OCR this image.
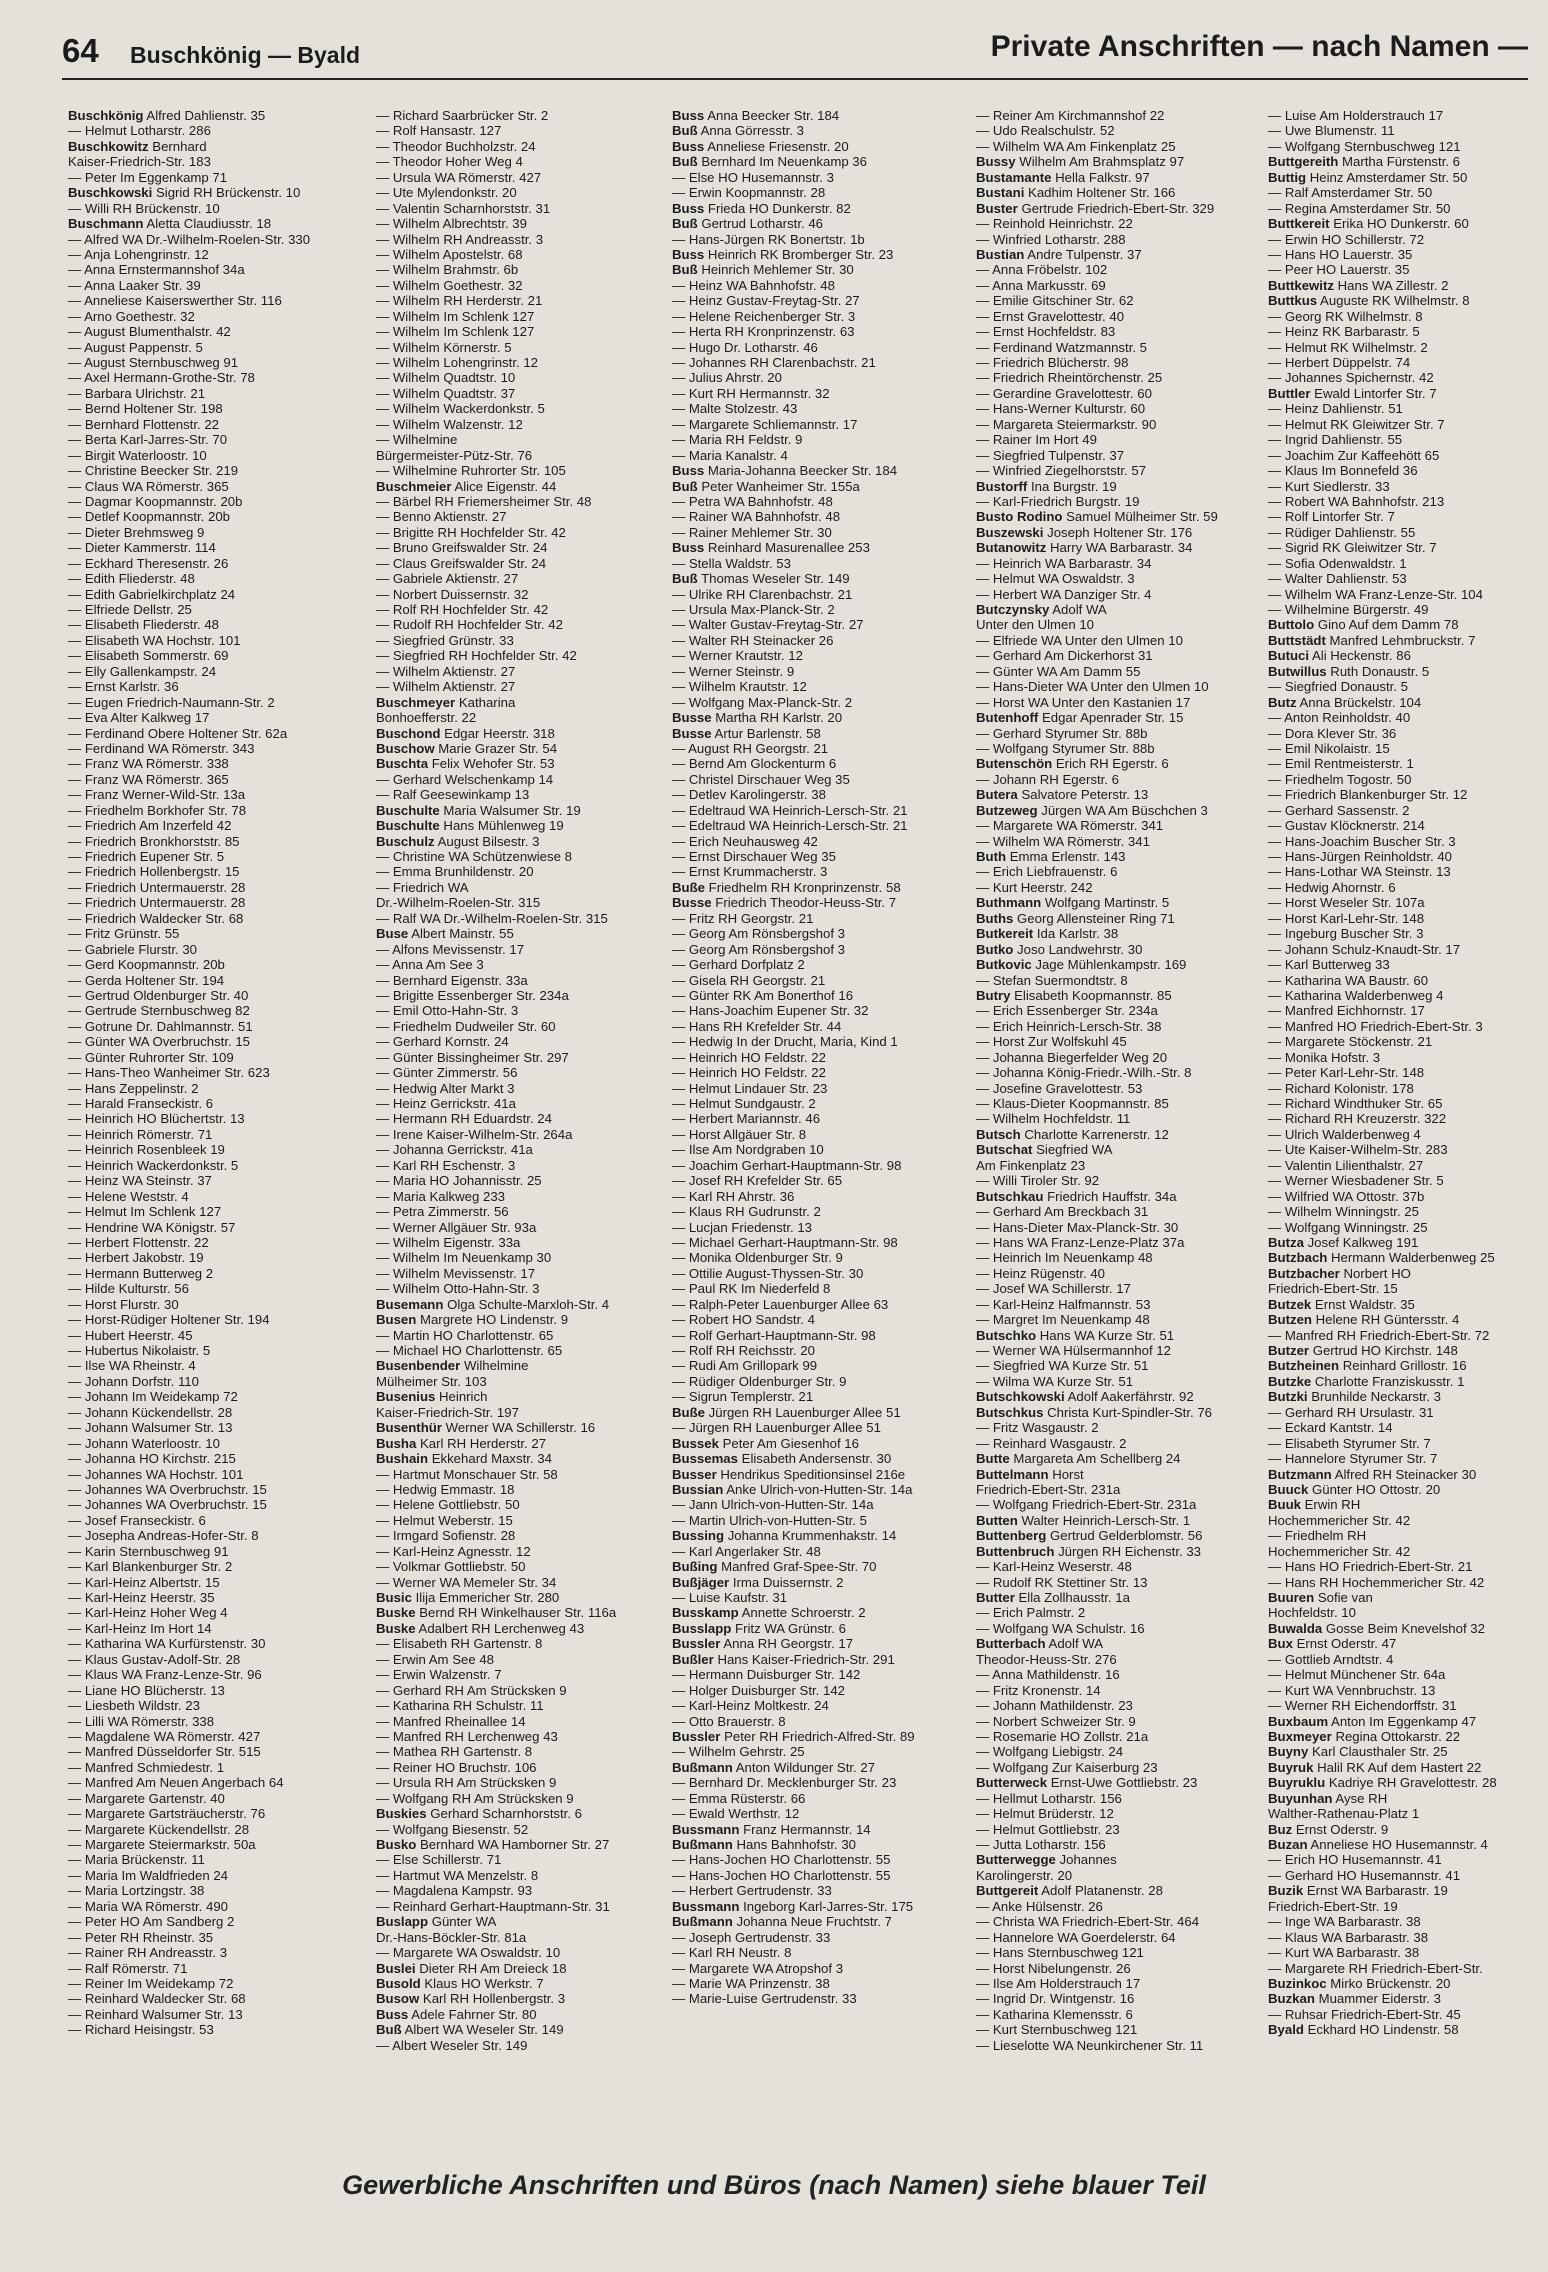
64 Buschkönig — Byald	Private Anschriften — nach Namen —
Buschkönig Alfred Dahlienstr. 35
— Helmut Lotharstr. 286
Buschkowitz Bernhard
Kaiser-Friedrich-Str. 183
— Peter Im Eggenkamp 71
Buschkowski Sigrid RH Brückenstr. 10
— Willi RH Brückenstr. 10
Buschmann Aletta Claudiusstr. 18
— Alfred WA Dr.-Wilhelm-Roelen-Str. 330
— Anja Lohengrinstr. 12
— Anna Ernstermannshof 34a
— Anna Laaker Str. 39
— Anneliese Kaiserswerther Str. 116
— Arno Goethestr. 32
— August Blumenthalstr. 42
— August Pappenstr. 5
— August Sternbuschweg 91
— Axel Hermann-Grothe-Str. 78
— Barbara Ulrichstr. 21
— Bernd Holtener Str. 198
— Bernhard Flottenstr. 22
— Berta Karl-Jarres-Str. 70
— Birgit Waterloostr. 10
— Christine Beecker Str. 219
— Claus WA Römerstr. 365
— Dagmar Koopmannstr. 20b
— Detlef Koopmannstr. 20b
— Dieter Brehmsweg 9
— Dieter Kammerstr. 114
— Eckhard Theresenstr. 26
— Edith Fliederstr. 48
— Edith Gabrielkirchplatz 24
— Elfriede Dellstr. 25
— Elisabeth Fliederstr. 48
— Elisabeth WA Hochstr. 101
— Elisabeth Sommerstr. 69
— Elly Gallenkampstr. 24
— Ernst Karlstr. 36
— Eugen Friedrich-Naumann-Str. 2
— Eva Alter Kalkweg 17
— Ferdinand Obere Holtener Str. 62a
— Ferdinand WA Römerstr. 343
— Franz WA Römerstr. 338
— Franz WA Römerstr. 365
— Franz Werner-Wild-Str. 13a
— Friedhelm Borkhofer Str. 78
— Friedrich Am Inzerfeld 42
— Friedrich Bronkhorststr. 85
— Friedrich Eupener Str. 5
— Friedrich Hollenbergstr. 15
— Friedrich Untermauerstr. 28
— Friedrich Untermauerstr. 28
— Friedrich Waldecker Str. 68
— Fritz Grünstr. 55
— Gabriele Flurstr. 30
— Gerd Koopmannstr. 20b
— Gerda Holtener Str. 194
— Gertrud Oldenburger Str. 40
— Gertrude Sternbuschweg 82
— Gotrune Dr. Dahlmannstr. 51
— Günter WA Overbruchstr. 15
— Günter Ruhrorter Str. 109
— Hans-Theo Wanheimer Str. 623
— Hans Zeppelinstr. 2
— Harald Franseckistr. 6
— Heinrich HO Blüchertstr. 13
— Heinrich Römerstr. 71
— Heinrich Rosenbleek 19
— Heinrich Wackerdonkstr. 5
— Heinz WA Steinstr. 37
— Helene Weststr. 4
— Helmut Im Schlenk 127
— Hendrine WA Königstr. 57
— Herbert Flottenstr. 22
— Herbert Jakobstr. 19
— Hermann Butterweg 2
— Hilde Kulturstr. 56
— Horst Flurstr. 30
— Horst-Rüdiger Holtener Str. 194
— Hubert Heerstr. 45
— Hubertus Nikolaistr. 5
— Ilse WA Rheinstr. 4
— Johann Dorfstr. 110
— Johann Im Weidekamp 72
— Johann Kückendellstr. 28
— Johann Walsumer Str. 13
— Johann Waterloostr. 10
— Johanna HO Kirchstr. 215
— Johannes WA Hochstr. 101
— Johannes WA Overbruchstr. 15
— Johannes WA Overbruchstr. 15
— Josef Franseckistr. 6
— Josepha Andreas-Hofer-Str. 8
— Karin Sternbuschweg 91
— Karl Blankenburger Str. 2
— Karl-Heinz Albertstr. 15
— Karl-Heinz Heerstr. 35
— Karl-Heinz Hoher Weg 4
— Karl-Heinz Im Hort 14
— Katharina WA Kurfürstenstr. 30
— Klaus Gustav-Adolf-Str. 28
— Klaus WA Franz-Lenze-Str. 96
— Liane HO Blücherstr. 13
— Liesbeth Wildstr. 23
— Lilli WA Römerstr. 338
— Magdalene WA Römerstr. 427
— Manfred Düsseldorfer Str. 515
— Manfred Schmiedestr. 1
— Manfred Am Neuen Angerbach 64
— Margarete Gartenstr. 40
— Margarete Gartsträucherstr. 76
— Margarete Kückendellstr. 28
— Margarete Steiermarkstr. 50a
— Maria Brückenstr. 11
— Maria Im Waldfrieden 24
— Maria Lortzingstr. 38
— Maria WA Römerstr. 490
— Peter HO Am Sandberg 2
— Peter RH Rheinstr. 35
— Rainer RH Andreasstr. 3
— Ralf Römerstr. 71
— Reiner Im Weidekamp 72
— Reinhard Waldecker Str. 68
— Reinhard Walsumer Str. 13
— Richard Heisingstr. 53
— Richard Saarbrücker Str. 2
— Rolf Hansastr. 127
— Theodor Buchholzstr. 24
— Theodor Hoher Weg 4
— Ursula WA Römerstr. 427
— Ute Mylendonkstr. 20
— Valentin Scharnhorststr. 31
— Wilhelm Albrechtstr. 39
— Wilhelm RH Andreasstr. 3
— Wilhelm Apostelstr. 68
— Wilhelm Brahmstr. 6b
— Wilhelm Goethestr. 32
— Wilhelm RH Herderstr. 21
— Wilhelm Im Schlenk 127
— Wilhelm Im Schlenk 127
— Wilhelm Körnerstr. 5
— Wilhelm Lohengrinstr. 12
— Wilhelm Quadtstr. 10
— Wilhelm Quadtstr. 37
— Wilhelm Wackerdonkstr. 5
— Wilhelm Walzenstr. 12
— Wilhelmine
Bürgermeister-Pütz-Str. 76
— Wilhelmine Ruhrorter Str. 105
Buschmeier Alice Eigenstr. 44
— Bärbel RH Friemersheimer Str. 48
— Benno Aktienstr. 27
— Brigitte RH Hochfelder Str. 42
— Bruno Greifswalder Str. 24
— Claus Greifswalder Str. 24
— Gabriele Aktienstr. 27
— Norbert Duissernstr. 32
— Rolf RH Hochfelder Str. 42
— Rudolf RH Hochfelder Str. 42
— Siegfried Grünstr. 33
— Siegfried RH Hochfelder Str. 42
— Wilhelm Aktienstr. 27
— Wilhelm Aktienstr. 27
Buschmeyer Katharina
Bonhoefferstr. 22
Buschond Edgar Heerstr. 318
Buschow Marie Grazer Str. 54
Buschta Felix Wehofer Str. 53
— Gerhard Welschenkamp 14
— Ralf Geesewinkamp 13
Buschulte Maria Walsumer Str. 19
Buschulte Hans Mühlenweg 19
Buschulz August Bilsestr. 3
— Christine WA Schützenwiese 8
— Emma Brunhildenstr. 20
— Friedrich WA
Dr.-Wilhelm-Roelen-Str. 315
— Ralf WA Dr.-Wilhelm-Roelen-Str. 315
Buse Albert Mainstr. 55
— Alfons Mevissenstr. 17
— Anna Am See 3
— Bernhard Eigenstr. 33a
— Brigitte Essenberger Str. 234a
— Emil Otto-Hahn-Str. 3
— Friedhelm Dudweiler Str. 60
— Gerhard Kornstr. 24
— Günter Bissingheimer Str. 297
— Günter Zimmerstr. 56
— Hedwig Alter Markt 3
— Heinz Gerrickstr. 41a
— Hermann RH Eduardstr. 24
— Irene Kaiser-Wilhelm-Str. 264a
— Johanna Gerrickstr. 41a
— Karl RH Eschenstr. 3
— Maria HO Johannisstr. 25
— Maria Kalkweg 233
— Petra Zimmerstr. 56
— Werner Allgäuer Str. 93a
— Wilhelm Eigenstr. 33a
— Wilhelm Im Neuenkamp 30
— Wilhelm Mevissenstr. 17
— Wilhelm Otto-Hahn-Str. 3
Busemann Olga Schulte-Marxloh-Str. 4
Busen Margrete HO Lindenstr. 9
— Martin HO Charlottenstr. 65
— Michael HO Charlottenstr. 65
Busenbender Wilhelmine
Mülheimer Str. 103
Busenius Heinrich
Kaiser-Friedrich-Str. 197
Busenthür Werner WA Schillerstr. 16
Busha Karl RH Herderstr. 27
Bushain Ekkehard Maxstr. 34
— Hartmut Monschauer Str. 58
— Hedwig Emmastr. 18
— Helene Gottliebstr. 50
— Helmut Weberstr. 15
— Irmgard Sofienstr. 28
— Karl-Heinz Agnesstr. 12
— Volkmar Gottliebstr. 50
— Werner WA Memeler Str. 34
Busic Ilija Emmericher Str. 280
Buske Bernd RH Winkelhauser Str. 116a
Buske Adalbert RH Lerchenweg 43
— Elisabeth RH Gartenstr. 8
— Erwin Am See 48
— Erwin Walzenstr. 7
— Gerhard RH Am Strücksken 9
— Katharina RH Schulstr. 11
— Manfred Rheinallee 14
— Manfred RH Lerchenweg 43
— Mathea RH Gartenstr. 8
— Reiner HO Bruchstr. 106
— Ursula RH Am Strücksken 9
— Wolfgang RH Am Strücksken 9
Buskies Gerhard Scharnhorststr. 6
— Wolfgang Biesenstr. 52
Busko Bernhard WA Hamborner Str. 27
— Else Schillerstr. 71
— Hartmut WA Menzelstr. 8
— Magdalena Kampstr. 93
— Reinhard Gerhart-Hauptmann-Str. 31
Buslapp Günter WA
Dr.-Hans-Böckler-Str. 81a
— Margarete WA Oswaldstr. 10
Buslei Dieter RH Am Dreieck 18
Busold Klaus HO Werkstr. 7
Busow Karl RH Hollenbergstr. 3
Buss Adele Fahrner Str. 80
Buß Albert WA Weseler Str. 149
— Albert Weseler Str. 149
Buss Anna Beecker Str. 184
Buß Anna Görresstr. 3
Buss Anneliese Friesenstr. 20
Buß Bernhard Im Neuenkamp 36
— Else HO Husemannstr. 3
— Erwin Koopmannstr. 28
Buss Frieda HO Dunkerstr. 82
Buß Gertrud Lotharstr. 46
— Hans-Jürgen RK Bonertstr. 1b
Buss Heinrich RK Bromberger Str. 23
Buß Heinrich Mehlemer Str. 30
— Heinz WA Bahnhofstr. 48
— Heinz Gustav-Freytag-Str. 27
— Helene Reichenberger Str. 3
— Herta RH Kronprinzenstr. 63
— Hugo Dr. Lotharstr. 46
— Johannes RH Clarenbachstr. 21
— Julius Ahrstr. 20
— Kurt RH Hermannstr. 32
— Malte Stolzestr. 43
— Margarete Schliemannstr. 17
— Maria RH Feldstr. 9
— Maria Kanalstr. 4
Buss Maria-Johanna Beecker Str. 184
Buß Peter Wanheimer Str. 155a
— Petra WA Bahnhofstr. 48
— Rainer WA Bahnhofstr. 48
— Rainer Mehlemer Str. 30
Buss Reinhard Masurenallee 253
— Stella Waldstr. 53
Buß Thomas Weseler Str. 149
— Ulrike RH Clarenbachstr. 21
— Ursula Max-Planck-Str. 2
— Walter Gustav-Freytag-Str. 27
— Walter RH Steinacker 26
— Werner Krautstr. 12
— Werner Steinstr. 9
— Wilhelm Krautstr. 12
— Wolfgang Max-Planck-Str. 2
Busse Martha RH Karlstr. 20
Busse Artur Barlenstr. 58
— August RH Georgstr. 21
— Bernd Am Glockenturm 6
— Christel Dirschauer Weg 35
— Detlev Karolingerstr. 38
— Edeltraud WA Heinrich-Lersch-Str. 21
— Edeltraud WA Heinrich-Lersch-Str. 21
— Erich Neuhausweg 42
— Ernst Dirschauer Weg 35
— Ernst Krummacherstr. 3
Buße Friedhelm RH Kronprinzenstr. 58
Busse Friedrich Theodor-Heuss-Str. 7
— Fritz RH Georgstr. 21
— Georg Am Rönsbergshof 3
— Georg Am Rönsbergshof 3
— Gerhard Dorfplatz 2
— Gisela RH Georgstr. 21
— Günter RK Am Bonerthof 16
— Hans-Joachim Eupener Str. 32
— Hans RH Krefelder Str. 44
— Hedwig In der Drucht, Maria, Kind 1
— Heinrich HO Feldstr. 22
— Heinrich HO Feldstr. 22
— Helmut Lindauer Str. 23
— Helmut Sundgaustr. 2
— Herbert Mariannstr. 46
— Horst Allgäuer Str. 8
— Ilse Am Nordgraben 10
— Joachim Gerhart-Hauptmann-Str. 98
— Josef RH Krefelder Str. 65
— Karl RH Ahrstr. 36
— Klaus RH Gudrunstr. 2
— Lucjan Friedenstr. 13
— Michael Gerhart-Hauptmann-Str. 98
— Monika Oldenburger Str. 9
— Ottilie August-Thyssen-Str. 30
— Paul RK Im Niederfeld 8
— Ralph-Peter Lauenburger Allee 63
— Robert HO Sandstr. 4
— Rolf Gerhart-Hauptmann-Str. 98
— Rolf RH Reichsstr. 20
— Rudi Am Grillopark 99
— Rüdiger Oldenburger Str. 9
— Sigrun Templerstr. 21
Buße Jürgen RH Lauenburger Allee 51
— Jürgen RH Lauenburger Allee 51
Bussek Peter Am Giesenhof 16
Bussemas Elisabeth Andersenstr. 30
Busser Hendrikus Speditionsinsel 216e
Bussian Anke Ulrich-von-Hutten-Str. 14a
— Jann Ulrich-von-Hutten-Str. 14a
— Martin Ulrich-von-Hutten-Str. 5
Bussing Johanna Krummenhakstr. 14
— Karl Angerlaker Str. 48
Bußing Manfred Graf-Spee-Str. 70
Bußjäger Irma Duissernstr. 2
— Luise Kaufstr. 31
Busskamp Annette Schroerstr. 2
Busslapp Fritz WA Grünstr. 6
Bussler Anna RH Georgstr. 17
Bußler Hans Kaiser-Friedrich-Str. 291
— Hermann Duisburger Str. 142
— Holger Duisburger Str. 142
— Karl-Heinz Moltkestr. 24
— Otto Brauerstr. 8
Bussler Peter RH Friedrich-Alfred-Str. 89
— Wilhelm Gehrstr. 25
Bußmann Anton Wildunger Str. 27
— Bernhard Dr. Mecklenburger Str. 23
— Emma Rüsterstr. 66
— Ewald Werthstr. 12
Bussmann Franz Hermannstr. 14
Bußmann Hans Bahnhofstr. 30
— Hans-Jochen HO Charlottenstr. 55
— Hans-Jochen HO Charlottenstr. 55
— Herbert Gertrudenstr. 33
Bussmann Ingeborg Karl-Jarres-Str. 175
Bußmann Johanna Neue Fruchtstr. 7
— Joseph Gertrudenstr. 33
— Karl RH Neustr. 8
— Margarete WA Atropshof 3
— Marie WA Prinzenstr. 38
— Marie-Luise Gertrudenstr. 33
— Reiner Am Kirchmannshof 22
— Udo Realschulstr. 52
— Wilhelm WA Am Finkenplatz 25
Bussy Wilhelm Am Brahmsplatz 97
Bustamante Hella Falkstr. 97
Bustani Kadhim Holtener Str. 166
Buster Gertrude Friedrich-Ebert-Str. 329
— Reinhold Heinrichstr. 22
— Winfried Lotharstr. 288
Bustian Andre Tulpenstr. 37
— Anna Fröbelstr. 102
— Anna Markusstr. 69
— Emilie Gitschiner Str. 62
— Ernst Gravelottestr. 40
— Ernst Hochfeldstr. 83
— Ferdinand Watzmannstr. 5
— Friedrich Blücherstr. 98
— Friedrich Rheintörchenstr. 25
— Gerardine Gravelottestr. 60
— Hans-Werner Kulturstr. 60
— Margareta Steiermarkstr. 90
— Rainer Im Hort 49
— Siegfried Tulpenstr. 37
— Winfried Ziegelhorststr. 57
Bustorff Ina Burgstr. 19
— Karl-Friedrich Burgstr. 19
Busto Rodino Samuel Mülheimer Str. 59
Buszewski Joseph Holtener Str. 176
Butanowitz Harry WA Barbarastr. 34
— Heinrich WA Barbarastr. 34
— Helmut WA Oswaldstr. 3
— Herbert WA Danziger Str. 4
Butczynsky Adolf WA
Unter den Ulmen 10
— Elfriede WA Unter den Ulmen 10
— Gerhard Am Dickerhorst 31
— Günter WA Am Damm 55
— Hans-Dieter WA Unter den Ulmen 10
— Horst WA Unter den Kastanien 17
Butenhoff Edgar Apenrader Str. 15
— Gerhard Styrumer Str. 88b
— Wolfgang Styrumer Str. 88b
Butenschön Erich RH Egerstr. 6
— Johann RH Egerstr. 6
Butera Salvatore Peterstr. 13
Butzeweg Jürgen WA Am Büschchen 3
— Margarete WA Römerstr. 341
— Wilhelm WA Römerstr. 341
Buth Emma Erlenstr. 143
— Erich Liebfrauenstr. 6
— Kurt Heerstr. 242
Buthmann Wolfgang Martinstr. 5
Buths Georg Allensteiner Ring 71
Butkereit Ida Karlstr. 38
Butko Joso Landwehrstr. 30
Butkovic Jage Mühlenkampstr. 169
— Stefan Suermondtstr. 8
Butry Elisabeth Koopmannstr. 85
— Erich Essenberger Str. 234a
— Erich Heinrich-Lersch-Str. 38
— Horst Zur Wolfskuhl 45
— Johanna Biegerfelder Weg 20
— Johanna König-Friedr.-Wilh.-Str. 8
— Josefine Gravelottestr. 53
— Klaus-Dieter Koopmannstr. 85
— Wilhelm Hochfeldstr. 11
Butsch Charlotte Karrenerstr. 12
Butschat Siegfried WA
Am Finkenplatz 23
— Willi Tiroler Str. 92
Butschkau Friedrich Hauffstr. 34a
— Gerhard Am Breckbach 31
— Hans-Dieter Max-Planck-Str. 30
— Hans WA Franz-Lenze-Platz 37a
— Heinrich Im Neuenkamp 48
— Heinz Rügenstr. 40
— Josef WA Schillerstr. 17
— Karl-Heinz Halfmannstr. 53
— Margret Im Neuenkamp 48
Butschko Hans WA Kurze Str. 51
— Werner WA Hülsermannhof 12
— Siegfried WA Kurze Str. 51
— Wilma WA Kurze Str. 51
Butschkowski Adolf Aakerfährstr. 92
Butschkus Christa Kurt-Spindler-Str. 76
— Fritz Wasgaustr. 2
— Reinhard Wasgaustr. 2
Butte Margareta Am Schellberg 24
Buttelmann Horst
Friedrich-Ebert-Str. 231a
— Wolfgang Friedrich-Ebert-Str. 231a
Butten Walter Heinrich-Lersch-Str. 1
Buttenberg Gertrud Gelderblomstr. 56
Buttenbruch Jürgen RH Eichenstr. 33
— Karl-Heinz Weserstr. 48
— Rudolf RK Stettiner Str. 13
Butter Ella Zollhausstr. 1a
— Erich Palmstr. 2
— Wolfgang WA Schulstr. 16
Butterbach Adolf WA
Theodor-Heuss-Str. 276
— Anna Mathildenstr. 16
— Fritz Kronenstr. 14
— Johann Mathildenstr. 23
— Norbert Schweizer Str. 9
— Rosemarie HO Zollstr. 21a
— Wolfgang Liebigstr. 24
— Wolfgang Zur Kaiserburg 23
Butterweck Ernst-Uwe Gottliebstr. 23
— Hellmut Lotharstr. 156
— Helmut Brüderstr. 12
— Helmut Gottliebstr. 23
— Jutta Lotharstr. 156
Butterwegge Johannes
Karolingerstr. 20
Buttgereit Adolf Platanenstr. 28
— Anke Hülsenstr. 26
— Christa WA Friedrich-Ebert-Str. 464
— Hannelore WA Goerdelerstr. 64
— Hans Sternbuschweg 121
— Horst Nibelungenstr. 26
— Ilse Am Holderstrauch 17
— Ingrid Dr. Wintgenstr. 16
— Katharina Klemensstr. 6
— Kurt Sternbuschweg 121
— Lieselotte WA Neunkirchener Str. 11
— Luise Am Holderstrauch 17
— Uwe Blumenstr. 11
— Wolfgang Sternbuschweg 121
Buttgereith Martha Fürstenstr. 6
Buttig Heinz Amsterdamer Str. 50
— Ralf Amsterdamer Str. 50
— Regina Amsterdamer Str. 50
Buttkereit Erika HO Dunkerstr. 60
— Erwin HO Schillerstr. 72
— Hans HO Lauerstr. 35
— Peer HO Lauerstr. 35
Buttkewitz Hans WA Zillestr. 2
Buttkus Auguste RK Wilhelmstr. 8
— Georg RK Wilhelmstr. 8
— Heinz RK Barbarastr. 5
— Helmut RK Wilhelmstr. 2
— Herbert Düppelstr. 74
— Johannes Spichernstr. 42
Buttler Ewald Lintorfer Str. 7
— Heinz Dahlienstr. 51
— Helmut RK Gleiwitzer Str. 7
— Ingrid Dahlienstr. 55
— Joachim Zur Kaffeehött 65
— Klaus Im Bonnefeld 36
— Kurt Siedlerstr. 33
— Robert WA Bahnhofstr. 213
— Rolf Lintorfer Str. 7
— Rüdiger Dahlienstr. 55
— Sigrid RK Gleiwitzer Str. 7
— Sofia Odenwaldstr. 1
— Walter Dahlienstr. 53
— Wilhelm WA Franz-Lenze-Str. 104
— Wilhelmine Bürgerstr. 49
Buttolo Gino Auf dem Damm 78
Buttstädt Manfred Lehmbruckstr. 7
Butuci Ali Heckenstr. 86
Butwillus Ruth Donaustr. 5
— Siegfried Donaustr. 5
Butz Anna Brückelstr. 104
— Anton Reinholdstr. 40
— Dora Klever Str. 36
— Emil Nikolaistr. 15
— Emil Rentmeisterstr. 1
— Friedhelm Togostr. 50
— Friedrich Blankenburger Str. 12
— Gerhard Sassenstr. 2
— Gustav Klöcknerstr. 214
— Hans-Joachim Buscher Str. 3
— Hans-Jürgen Reinholdstr. 40
— Hans-Lothar WA Steinstr. 13
— Hedwig Ahornstr. 6
— Horst Weseler Str. 107a
— Horst Karl-Lehr-Str. 148
— Ingeburg Buscher Str. 3
— Johann Schulz-Knaudt-Str. 17
— Karl Butterweg 33
— Katharina WA Baustr. 60
— Katharina Walderbenweg 4
— Manfred Eichhornstr. 17
— Manfred HO Friedrich-Ebert-Str. 3
— Margarete Stöckenstr. 21
— Monika Hofstr. 3
— Peter Karl-Lehr-Str. 148
— Richard Kolonistr. 178
— Richard Windthuker Str. 65
— Richard RH Kreuzerstr. 322
— Ulrich Walderbenweg 4
— Ute Kaiser-Wilhelm-Str. 283
— Valentin Lilienthalstr. 27
— Werner Wiesbadener Str. 5
— Wilfried WA Ottostr. 37b
— Wilhelm Winningstr. 25
— Wolfgang Winningstr. 25
Butza Josef Kalkweg 191
Butzbach Hermann Walderbenweg 25
Butzbacher Norbert HO
Friedrich-Ebert-Str. 15
Butzek Ernst Waldstr. 35
Butzen Helene RH Güntersstr. 4
— Manfred RH Friedrich-Ebert-Str. 72
Butzer Gertrud HO Kirchstr. 148
Butzheinen Reinhard Grillostr. 16
Butzke Charlotte Franziskusstr. 1
Butzki Brunhilde Neckarstr. 3
— Gerhard RH Ursulastr. 31
— Eckard Kantstr. 14
— Elisabeth Styrumer Str. 7
— Hannelore Styrumer Str. 7
Butzmann Alfred RH Steinacker 30
Buuck Günter HO Ottostr. 20
Buuk Erwin RH
Hochemmericher Str. 42
— Friedhelm RH
Hochemmericher Str. 42
— Hans HO Friedrich-Ebert-Str. 21
— Hans RH Hochemmericher Str. 42
Buuren Sofie van
Hochfeldstr. 10
Buwalda Gosse Beim Knevelshof 32
Bux Ernst Oderstr. 47
— Gottlieb Arndtstr. 4
— Helmut Münchener Str. 64a
— Kurt WA Vennbruchstr. 13
— Werner RH Eichendorffstr. 31
Buxbaum Anton Im Eggenkamp 47
Buxmeyer Regina Ottokarstr. 22
Buyny Karl Clausthaler Str. 25
Buyruk Halil RK Auf dem Hastert 22
Buyruklu Kadriye RH Gravelottestr. 28
Buyunhan Ayse RH
Walther-Rathenau-Platz 1
Buz Ernst Oderstr. 9
Buzan Anneliese HO Husemannstr. 4
— Erich HO Husemannstr. 41
— Gerhard HO Husemannstr. 41
Buzik Ernst WA Barbarastr. 19
Friedrich-Ebert-Str. 19
— Inge WA Barbarastr. 38
— Klaus WA Barbarastr. 38
— Kurt WA Barbarastr. 38
— Margarete RH Friedrich-Ebert-Str.
Buzinkoc Mirko Brückenstr. 20
Buzkan Muammer Eiderstr. 3
— Ruhsar Friedrich-Ebert-Str. 45
Byald Eckhard HO Lindenstr. 58
Gewerbliche Anschriften und Büros (nach Namen) siehe blauer Teil
